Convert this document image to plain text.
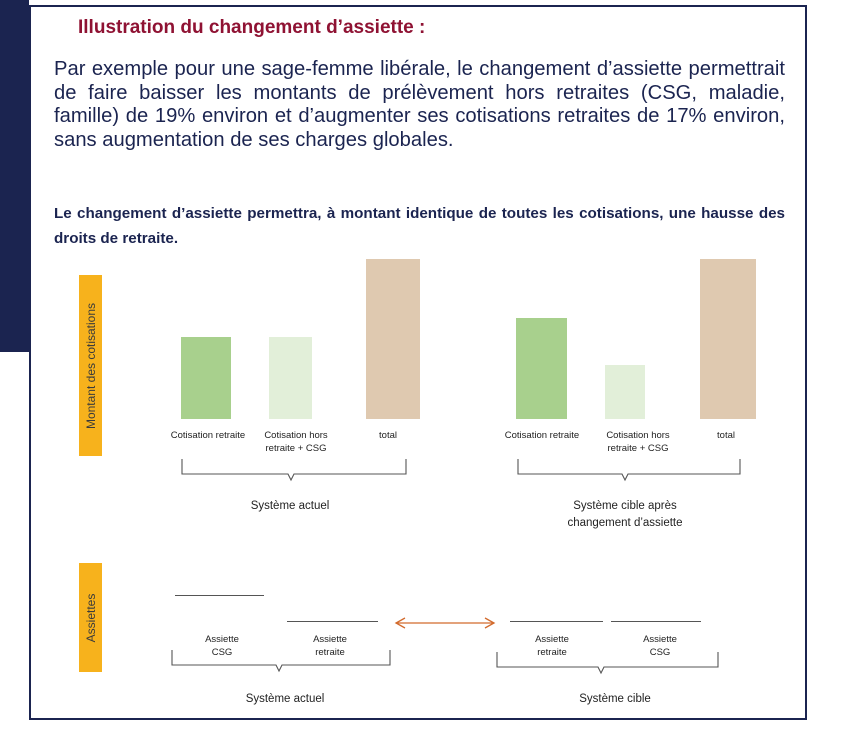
Illustration du changement d’assiette :

Par exemple pour une sage-femme libérale, le changement d’assiette permettrait de faire baisser les montants de prélèvement hors retraites (CSG, maladie, famille) de 19% environ et d’augmenter ses cotisations retraites de 17% environ, sans augmentation de ses charges globales.

Le changement d’assiette permettra, à montant identique de toutes les cotisations, une hausse des droits de retraite.

Montant des cotisations
Cotisation retraite	Cotisation hors
retraite + CSG
total	Cotisation retraite	Cotisation hors
retraite + CSG
total
Système actuel	Système cible après
changement d’assiette
Assiettes	Assiette
CSG
Assiette
retraite
Assiette
retraite
Assiette
CSG
Système actuel	Système cible
